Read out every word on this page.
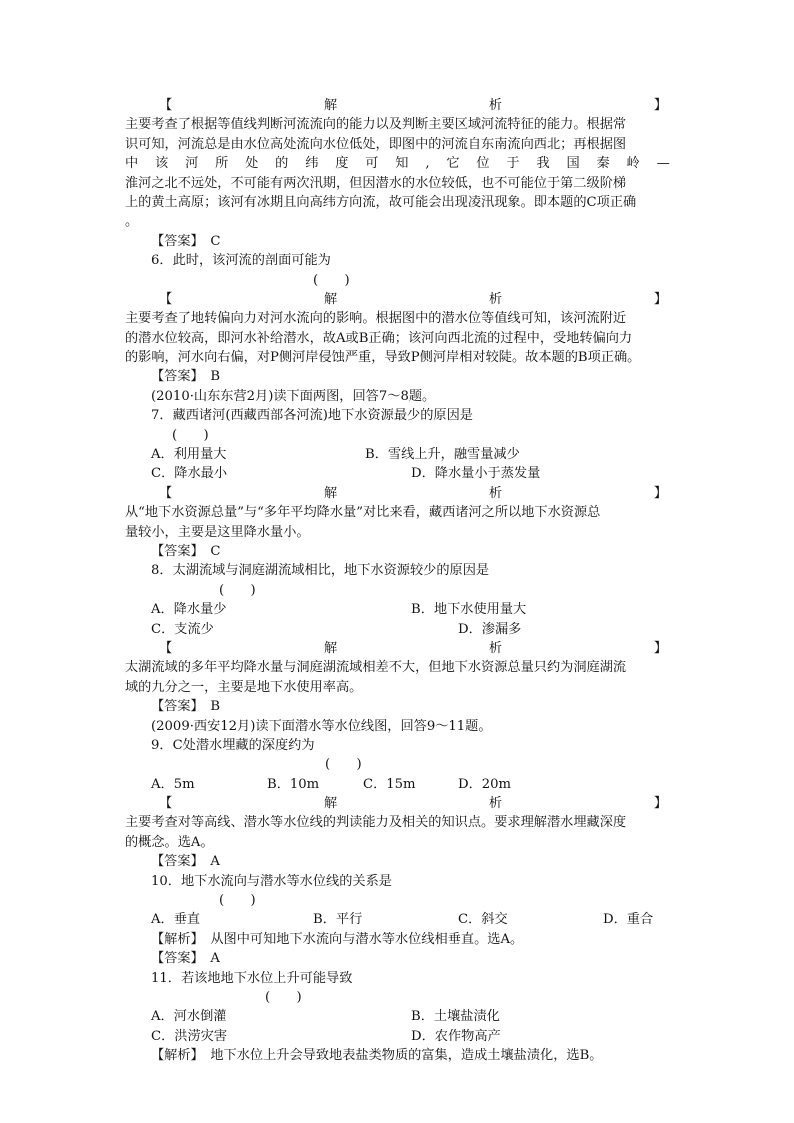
【	解	析	】
主要考查了根据等值线判断河流流向的能力以及判断主要区域河流特征的能力。根据常
识可知，河流总是由水位高处流向水位低处，即图中的河流自东南流向西北；再根据图
中 该 河 所 处 的 纬 度 可 知 , 它 位 于 我 国 秦 岭 —
淮河之北不远处，不可能有两次汛期，但因潜水的水位较低，也不可能位于第二级阶梯
上的黄土高原；该河有冰期且向高纬方向流，故可能会出现凌汛现象。即本题的C项正确
。
【答案】　 C
6．此时，该河流的剖面可能为
(　　)
【	解	析	】
主要考查了地转偏向力对河水流向的影响。根据图中的潜水位等值线可知，该河流附近
的潜水位较高，即河水补给潜水，故A或B正确；该河向西北流的过程中，受地转偏向力
的影响，河水向右偏，对P侧河岸侵蚀严重，导致P侧河岸相对较陡。故本题的B项正确。
【答案】　 B
(2010·山东东营2月)读下面两图，回答7～8题。
7．藏西诸河(西藏西部各河流)地下水资源最少的原因是
(　　)
A．利用量大	B．雪线上升，融雪量减少
C．降水最小	D．降水量小于蒸发量
【	解	析	】
从“地下水资源总量”与“多年平均降水量”对比来看，藏西诸河之所以地下水资源总
量较小，主要是这里降水量小。
【答案】　 C
8．太湖流域与洞庭湖流域相比，地下水资源较少的原因是
(　　)
A．降水量少	B．地下水使用量大
C．支流少	D．渗漏多
【	解	析	】
太湖流域的多年平均降水量与洞庭湖流域相差不大，但地下水资源总量只约为洞庭湖流
域的九分之一，主要是地下水使用率高。
【答案】　 B
(2009·西安12月)读下面潜水等水位线图，回答9～11题。
9．C处潜水埋藏的深度约为
(　　)
A．5m	B．10m	C．15m	D．20m
【	解	析	】
主要考查对等高线、潜水等水位线的判读能力及相关的知识点。要求理解潜水埋藏深度
的概念。选A。
【答案】　 A
10．地下水流向与潜水等水位线的关系是
(　　)
A．垂直	B．平行	C．斜交	D．重合
【解析】　 从图中可知地下水流向与潜水等水位线相垂直。选A。
【答案】　 A
11．若该地地下水位上升可能导致
(　　)
A．河水倒灌	B．土壤盐渍化
C．洪涝灾害	D．农作物高产
【解析】　 地下水位上升会导致地表盐类物质的富集，造成土壤盐渍化，选B。
